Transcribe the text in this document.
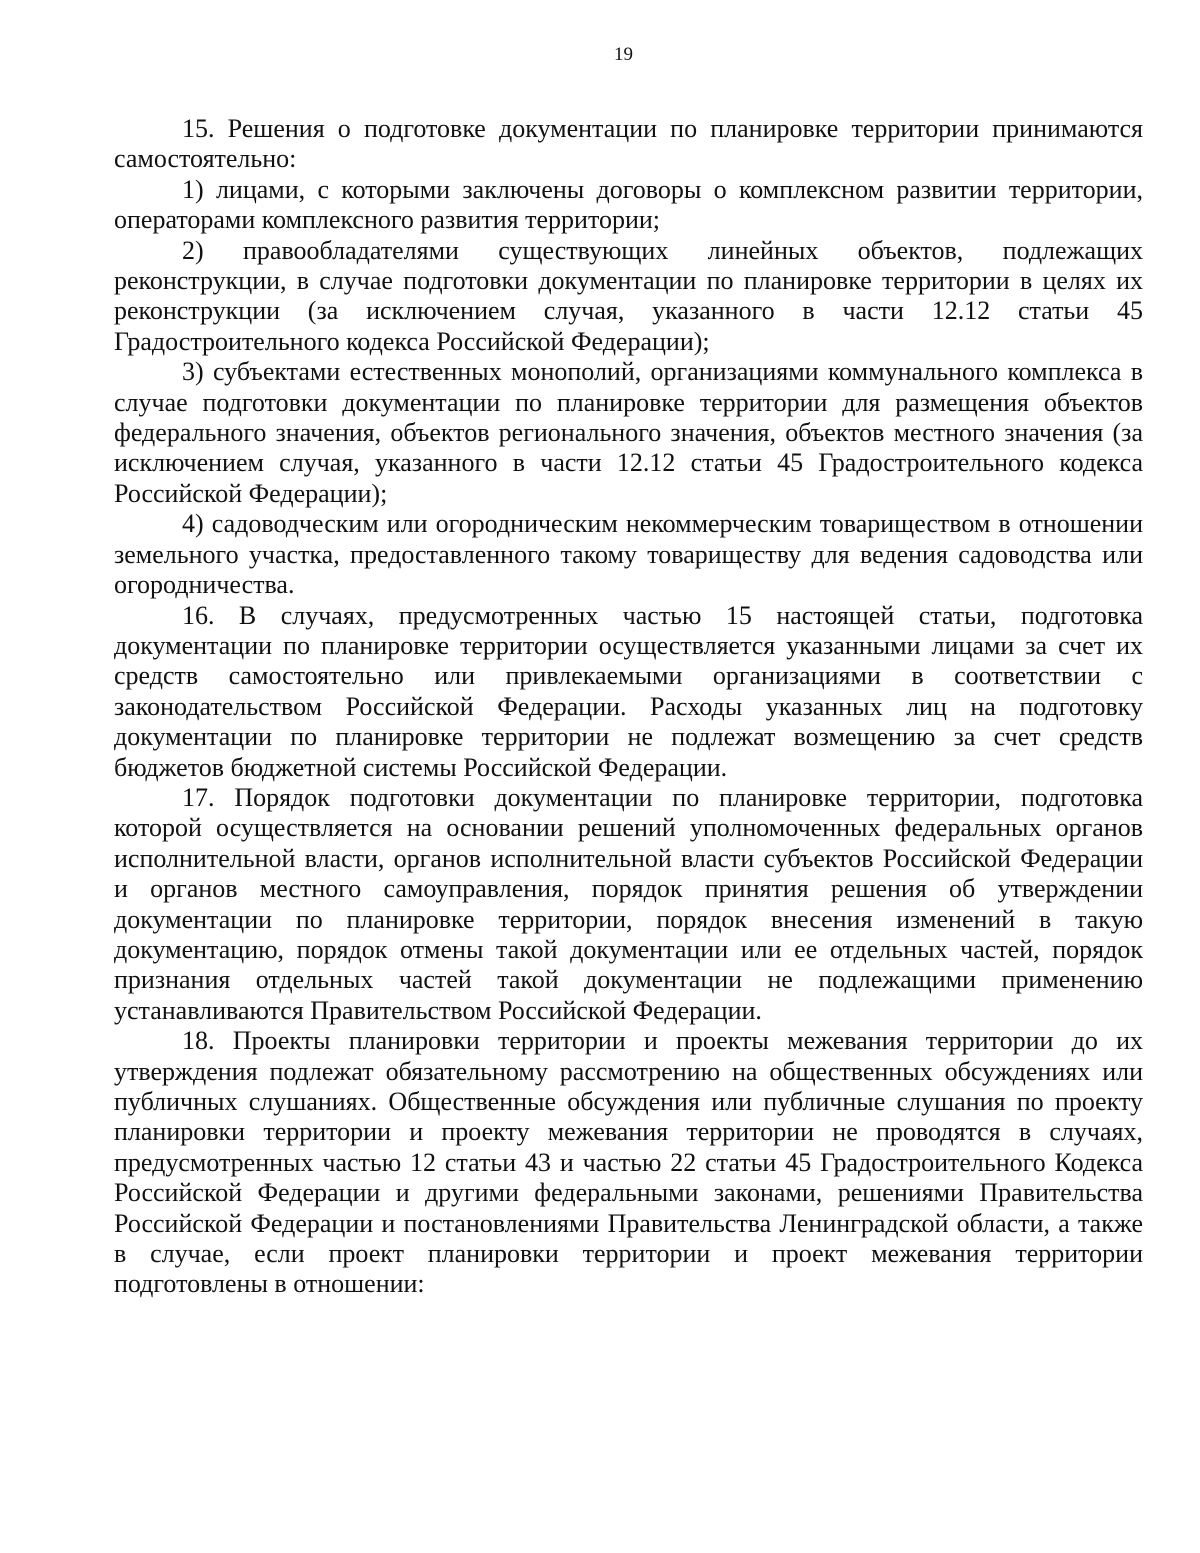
19

15. Решения о подготовке документации по планировке территории принимаются самостоятельно:

1) лицами, с которыми заключены договоры о комплексном развитии территории, операторами комплексного развития территории;

2) правообладателями существующих линейных объектов, подлежащих реконструкции, в случае подготовки документации по планировке территории в целях их реконструкции (за исключением случая, указанного в части 12.12 статьи 45 Градостроительного кодекса Российской Федерации);

3) субъектами естественных монополий, организациями коммунального комплекса в случае подготовки документации по планировке территории для размещения объектов федерального значения, объектов регионального значения, объектов местного значения (за исключением случая, указанного в части 12.12 статьи 45 Градостроительного кодекса Российской Федерации);

4) садоводческим или огородническим некоммерческим товариществом в отношении земельного участка, предоставленного такому товариществу для ведения садоводства или огородничества.

16. В случаях, предусмотренных частью 15 настоящей статьи, подготовка документации по планировке территории осуществляется указанными лицами за счет их средств самостоятельно или привлекаемыми организациями в соответствии с законодательством Российской Федерации. Расходы указанных лиц на подготовку документации по планировке территории не подлежат возмещению за счет средств бюджетов бюджетной системы Российской Федерации.

17. Порядок подготовки документации по планировке территории, подготовка которой осуществляется на основании решений уполномоченных федеральных органов исполнительной власти, органов исполнительной власти субъектов Российской Федерации и органов местного самоуправления, порядок принятия решения об утверждении документации по планировке территории, порядок внесения изменений в такую документацию, порядок отмены такой документации или ее отдельных частей, порядок признания отдельных частей такой документации не подлежащими применению устанавливаются Правительством Российской Федерации.

18. Проекты планировки территории и проекты межевания территории до их утверждения подлежат обязательному рассмотрению на общественных обсуждениях или публичных слушаниях. Общественные обсуждения или публичные слушания по проекту планировки территории и проекту межевания территории не проводятся в случаях, предусмотренных частью 12 статьи 43 и частью 22 статьи 45 Градостроительного Кодекса Российской Федерации и другими федеральными законами, решениями Правительства Российской Федерации и постановлениями Правительства Ленинградской области, а также в случае, если проект планировки территории и проект межевания территории подготовлены в отношении:
